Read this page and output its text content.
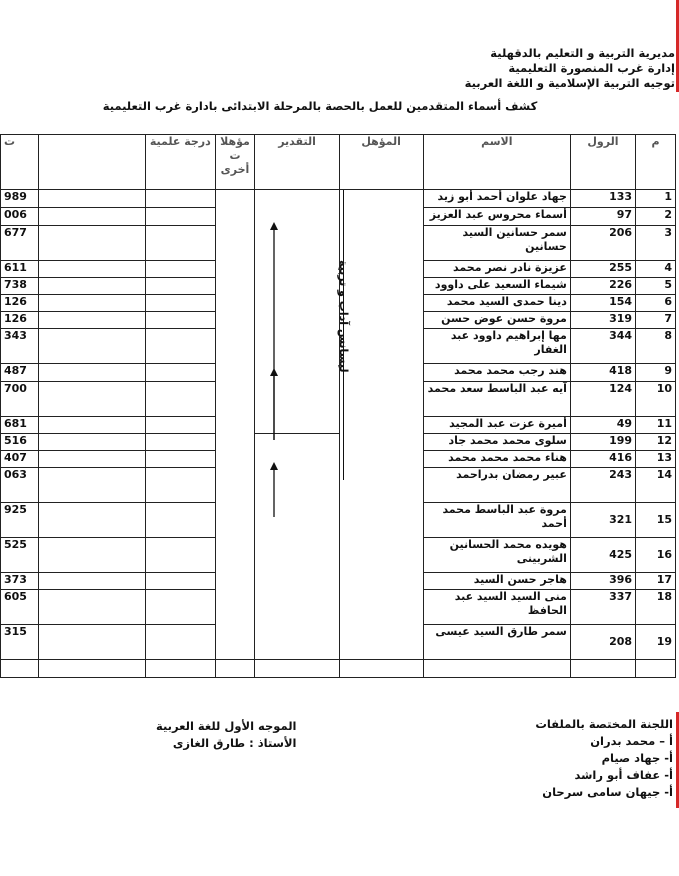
مديرية التربية و التعليم بالدقهلية
إدارة غرب المنصورة التعليمية
توجيه التربية الإسلامية و اللغة العربية
كشف أسماء المتقدمين للعمل بالحصة بالمرحلة الابتدائى بادارة غرب التعليمية
م	الرول	الاسم	المؤهل	التقدير	مؤهلا ت أخرى	درجة علمية		ت
1	133	جهاد علوان أحمد أبو زيد						989
2	97	أسماء محروس عبد العزيز						006
3	206	سمر حسانين السيد حسانين						677
4	255	عزيزة نادر نصر محمد						611
5	226	شيماء السعيد على داوود						738
6	154	دينا حمدى السيد محمد						126
7	319	مروة حسن عوض حسن						126
8	344	مها إبراهيم داوود عبد الغفار						343
9	418	هند رجب محمد محمد						487
10	124	آيه عبد الباسط سعد محمد						700
11	49	أميرة عزت عبد المجيد						681
12	199	سلوى محمد محمد جاد						516
13	416	هناء محمد محمد محمد						407
14	243	عبير رمضان بدراحمد						063
15	321	مروة عبد الباسط محمد أحمد						925
16	425	هويده محمد الحسانين الشربينى						525
17	396	هاجر حسن السيد						373
18	337	منى السيد السيد عبد الحافظ						605
19	208	سمر طارق السيد عيسى						315

ليسانس آداب و تربية
اللجنة المختصة بالملفات
أ – محمد بدران
أ- جهاد صيام
أ- عفاف أبو راشد
أ- جيهان سامى سرحان
الموجه الأول للغة العربية
الأستاذ : طارق الغازى
